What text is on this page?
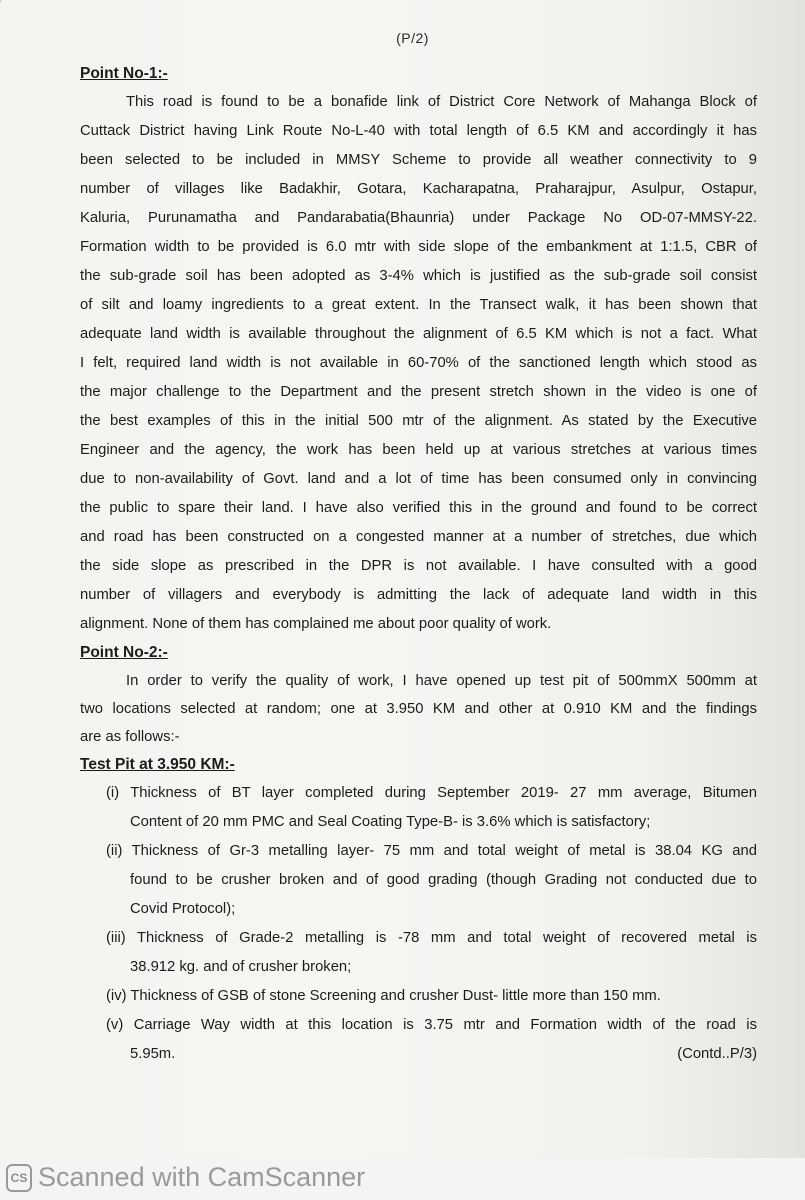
(P/2)
Point No-1:-
This road is found to be a bonafide link of District Core Network of Mahanga Block of
Cuttack District having Link Route No-L-40 with total length of 6.5 KM and accordingly it has
been selected to be included in MMSY Scheme to provide all weather connectivity to 9
number of villages like Badakhir, Gotara, Kacharapatna, Praharajpur, Asulpur, Ostapur,
Kaluria, Purunamatha and Pandarabatia(Bhaunria) under Package No OD-07-MMSY-22.
Formation width to be provided is 6.0 mtr with side slope of the embankment at 1:1.5, CBR of
the sub-grade soil has been adopted as 3-4% which is justified as the sub-grade soil consist
of silt and loamy ingredients to a great extent. In the Transect walk, it has been shown that
adequate land width is available throughout the alignment of 6.5 KM which is not a fact. What
I felt, required land width is not available in 60-70% of the sanctioned length which stood as
the major challenge to the Department and the present stretch shown in the video is one of
the best examples of this in the initial 500 mtr of the alignment. As stated by the Executive
Engineer and the agency, the work has been held up at various stretches at various times
due to non-availability of Govt. land and a lot of time has been consumed only in convincing
the public to spare their land. I have also verified this in the ground and found to be correct
and road has been constructed on a congested manner at a number of stretches, due which
the side slope as prescribed in the DPR is not available. I have consulted with a good
number of villagers and everybody is admitting the lack of adequate land width in this
alignment. None of them has complained me about poor quality of work.
Point No-2:-
In order to verify the quality of work, I have opened up test pit of 500mmX 500mm at
two locations selected at random; one at 3.950 KM and other at 0.910 KM and the findings
are as follows:-
Test Pit at 3.950 KM:-
(i) Thickness of BT layer completed during September 2019- 27 mm average, Bitumen
Content of 20 mm PMC and Seal Coating Type-B- is 3.6% which is satisfactory;
(ii) Thickness of Gr-3 metalling layer- 75 mm and total weight of metal is 38.04 KG and
found to be crusher broken and of good grading (though Grading not conducted due to
Covid Protocol);
(iii) Thickness of Grade-2 metalling is -78 mm and total weight of recovered metal is
38.912 kg. and of crusher broken;
(iv) Thickness of GSB of stone Screening and crusher Dust- little more than 150 mm.
(v) Carriage Way width at this location is 3.75 mtr and Formation width of the road is
5.95m.	(Contd..P/3)
CS Scanned with CamScanner
